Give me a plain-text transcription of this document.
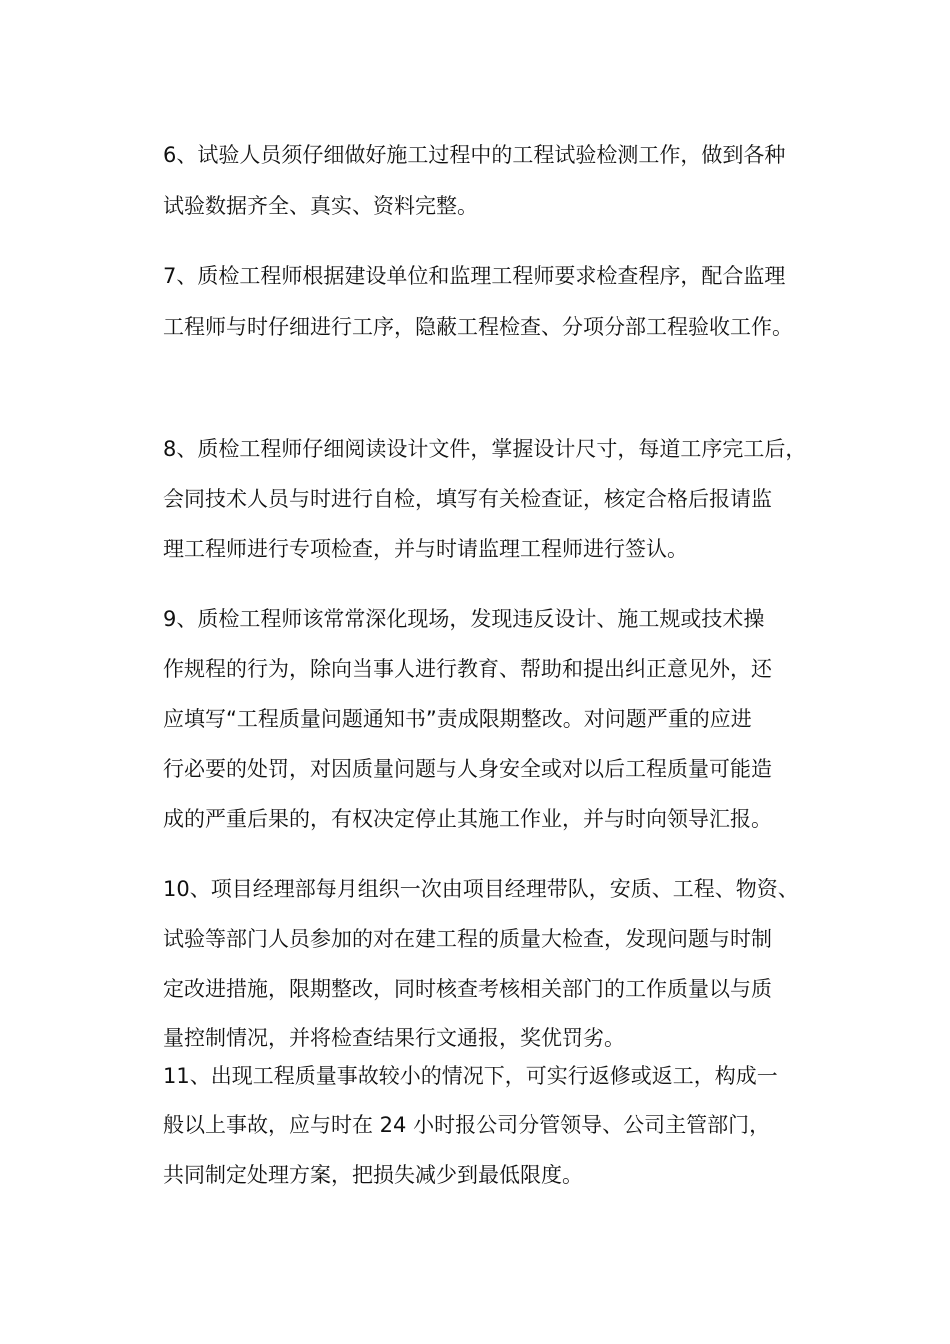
6、试验人员须仔细做好施工过程中的工程试验检测工作，做到各种
试验数据齐全、真实、资料完整。
7、质检工程师根据建设单位和监理工程师要求检查程序，配合监理
工程师与时仔细进行工序，隐蔽工程检查、分项分部工程验收工作。
8、质检工程师仔细阅读设计文件，掌握设计尺寸，每道工序完工后，
会同技术人员与时进行自检，填写有关检查证，核定合格后报请监
理工程师进行专项检查，并与时请监理工程师进行签认。
9、质检工程师该常常深化现场，发现违反设计、施工规或技术操
作规程的行为，除向当事人进行教育、帮助和提出纠正意见外，还
应填写“工程质量问题通知书”责成限期整改。对问题严重的应进
行必要的处罚，对因质量问题与人身安全或对以后工程质量可能造
成的严重后果的，有权决定停止其施工作业，并与时向领导汇报。
10、项目经理部每月组织一次由项目经理带队，安质、工程、物资、
试验等部门人员参加的对在建工程的质量大检查，发现问题与时制
定改进措施，限期整改，同时核查考核相关部门的工作质量以与质
量控制情况，并将检查结果行文通报，奖优罚劣。
11、出现工程质量事故较小的情况下，可实行返修或返工，构成一
般以上事故，应与时在 24 小时报公司分管领导、公司主管部门，
共同制定处理方案，把损失减少到最低限度。
